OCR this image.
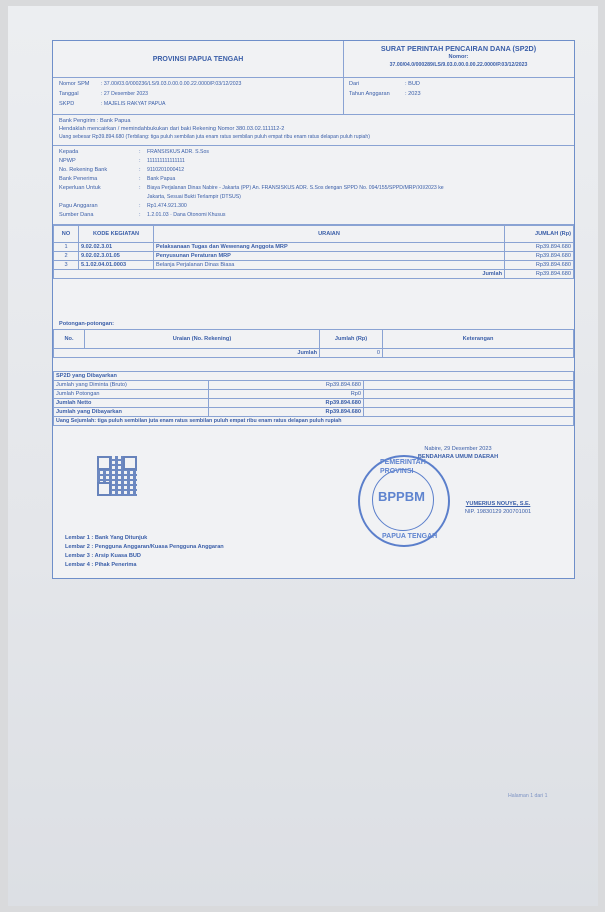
PROVINSI PAPUA TENGAH
SURAT PERINTAH PENCAIRAN DANA (SP2D)
Nomor:
37.00/04.0/000289/LS/9.03.0.00.0.00.22.0000/P.03/12/2023
Nomor SPM : 37.00/03.0/000236/LS/9.03.0.00.0.00.22.0000/P.03/12/2023
Tanggal	: 27 Desember 2023
SKPD	: MAJELIS RAKYAT PAPUA
Dari	: BUD
Tahun Anggaran	: 2023
Bank Pengirim : Bank Papua
Hendaklah mencairkan / memindahbukukan dari baki Rekening Nomor 380.03.02.111112-2
Uang sebesar Rp39.894.680 (Terbilang: tiga puluh sembilan juta enam ratus sembilan puluh empat ribu enam ratus delapan puluh rupiah)
Kepada	: FRANSISKUS ADR. S.Sos
NPWP	: 111111111111111
No. Rekening Bank	: 9110201000412
Bank Penerima	: Bank Papua
Keperluan Untuk	: Biaya Perjalanan Dinas Nabire - Jakarta (PP) An. FRANSISKUS ADR. S.Sos dengan SPPD No. 094/155/SPPD/MRP/XII/2023 ke
Jakarta, Sesuai Bukti Terlampir (DTSUS)
Pagu Anggaran	: Rp1.474.921.300
Sumber Dana	: 1.2.01.03 · Dana Otonomi Khusus
NO	KODE KEGIATAN	URAIAN	JUMLAH (Rp)
1	9.02.02.3.01	Pelaksanaan Tugas dan Wewenang Anggota MRP	Rp39.894.680
2	9.02.02.3.01.05	Penyusunan Peraturan MRP	Rp39.894.680
3	5.1.02.04.01.0003	Belanja Perjalanan Dinas Biasa	Rp39.894.680
Jumlah			Rp39.894.680
Potongan-potongan:
No.	Uraian (No. Rekening)	Jumlah (Rp)	Keterangan
Jumlah		0	
SP2D yang Dibayarkan		
Jumlah yang Diminta (Bruto)	Rp39.894.680	
Jumlah Potongan	Rp0	
Jumlah Netto	Rp39.894.680	
Jumlah yang Dibayarkan	Rp39.894.680	
Uang Sejumlah: tiga puluh sembilan juta enam ratus sembilan puluh empat ribu enam ratus delapan puluh rupiah		
Nabire, 29 Desember 2023
BENDAHARA UMUM DAERAH
PEMERINTAH PROVINSI
BPPBM
PAPUA TENGAH
YUMERIUS NOUYE, S.E.
NIP. 19830129 200701001
Lembar 1 : Bank Yang Ditunjuk
Lembar 2 : Pengguna Anggaran/Kuasa Pengguna Anggaran
Lembar 3 : Arsip Kuasa BUD
Lembar 4 : Pihak Penerima
Halaman 1 dari 1
